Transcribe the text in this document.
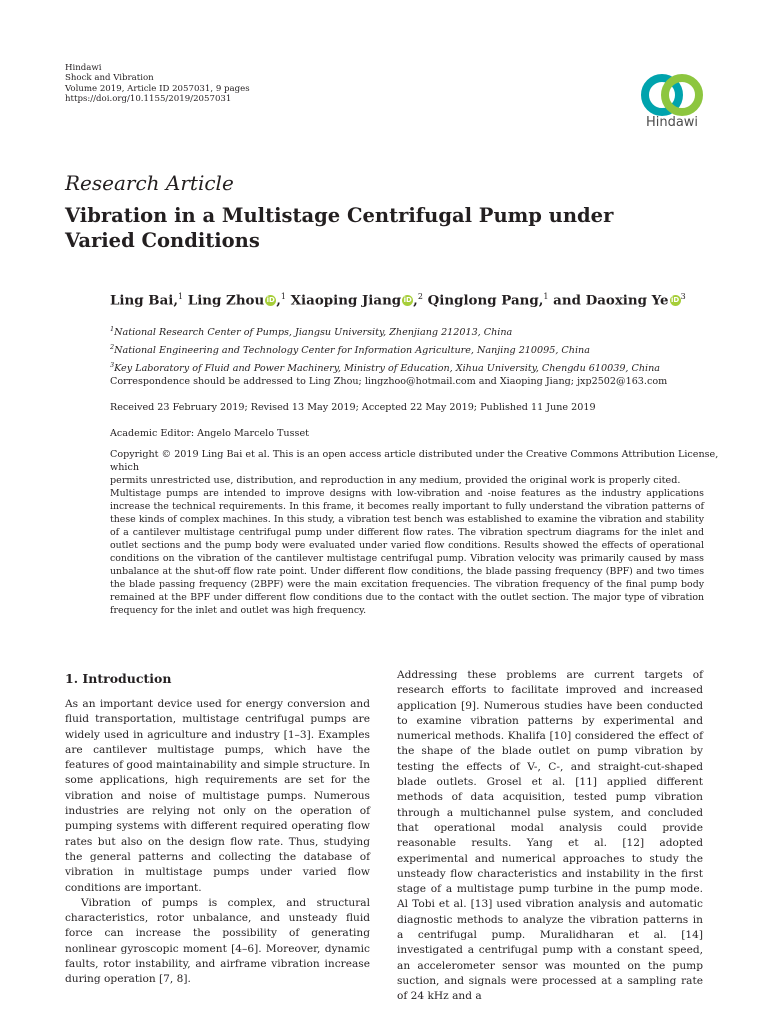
Hindawi
Shock and Vibration
Volume 2019, Article ID 2057031, 9 pages
https://doi.org/10.1155/2019/2057031
Hindawi
Research Article
Vibration in a Multistage Centrifugal Pump under
Varied Conditions
Ling Bai,$^1$ Ling Zhou iD,$^1$ Xiaoping Jiang iD,$^2$ Qinglong Pang,$^1$ and Daoxing Ye $iD^3$
$^1$National Research Center of Pumps, Jiangsu University, Zhenjiang 212013, China
$^2$National Engineering and Technology Center for Information Agriculture, Nanjing 210095, China
$^3$Key Laboratory of Fluid and Power Machinery, Ministry of Education, Xihua University, Chengdu 610039, China
Correspondence should be addressed to Ling Zhou; lingzhoo@hotmail.com and Xiaoping Jiang; jxp2502@163.com
Received 23 February 2019; Revised 13 May 2019; Accepted 22 May 2019; Published 11 June 2019
Academic Editor: Angelo Marcelo Tusset
Copyright © 2019 Ling Bai et al. This is an open access article distributed under the Creative Commons Attribution License, which
permits unrestricted use, distribution, and reproduction in any medium, provided the original work is properly cited.
Multistage pumps are intended to improve designs with low-vibration and -noise features as the industry applications increase the technical requirements. In this frame, it becomes really important to fully understand the vibration patterns of these kinds of complex machines. In this study, a vibration test bench was established to examine the vibration and stability of a cantilever multistage centrifugal pump under different flow rates. The vibration spectrum diagrams for the inlet and outlet sections and the pump body were evaluated under varied flow conditions. Results showed the effects of operational conditions on the vibration of the cantilever multistage centrifugal pump. Vibration velocity was primarily caused by mass unbalance at the shut-off flow rate point. Under different flow conditions, the blade passing frequency (BPF) and two times the blade passing frequency (2BPF) were the main excitation frequencies. The vibration frequency of the final pump body remained at the BPF under different flow conditions due to the contact with the outlet section. The major type of vibration frequency for the inlet and outlet was high frequency.
1. Introduction

As an important device used for energy conversion and fluid transportation, multistage centrifugal pumps are widely used in agriculture and industry [1–3]. Examples are cantilever multistage pumps, which have the features of good maintainability and simple structure. In some applications, high requirements are set for the vibration and noise of multistage pumps. Numerous industries are relying not only on the operation of pumping systems with different required operating flow rates but also on the design flow rate. Thus, studying the general patterns and collecting the database of vibration in multistage pumps under varied flow conditions are important.

Vibration of pumps is complex, and structural characteristics, rotor unbalance, and unsteady fluid force can increase the possibility of generating nonlinear gyroscopic moment [4–6]. Moreover, dynamic faults, rotor instability, and airframe vibration increase during operation [7, 8].

Addressing these problems are current targets of research efforts to facilitate improved and increased application [9]. Numerous studies have been conducted to examine vibration patterns by experimental and numerical methods. Khalifa [10] considered the effect of the shape of the blade outlet on pump vibration by testing the effects of V-, C-, and straight-cut-shaped blade outlets. Grosel et al. [11] applied different methods of data acquisition, tested pump vibration through a multichannel pulse system, and concluded that operational modal analysis could provide reasonable results. Yang et al. [12] adopted experimental and numerical approaches to study the unsteady flow characteristics and instability in the first stage of a multistage pump turbine in the pump mode. Al Tobi et al. [13] used vibration analysis and automatic diagnostic methods to analyze the vibration patterns in a centrifugal pump. Muralidharan et al. [14] investigated a centrifugal pump with a constant speed, an accelerometer sensor was mounted on the pump suction, and signals were processed at a sampling rate of 24 kHz and a
